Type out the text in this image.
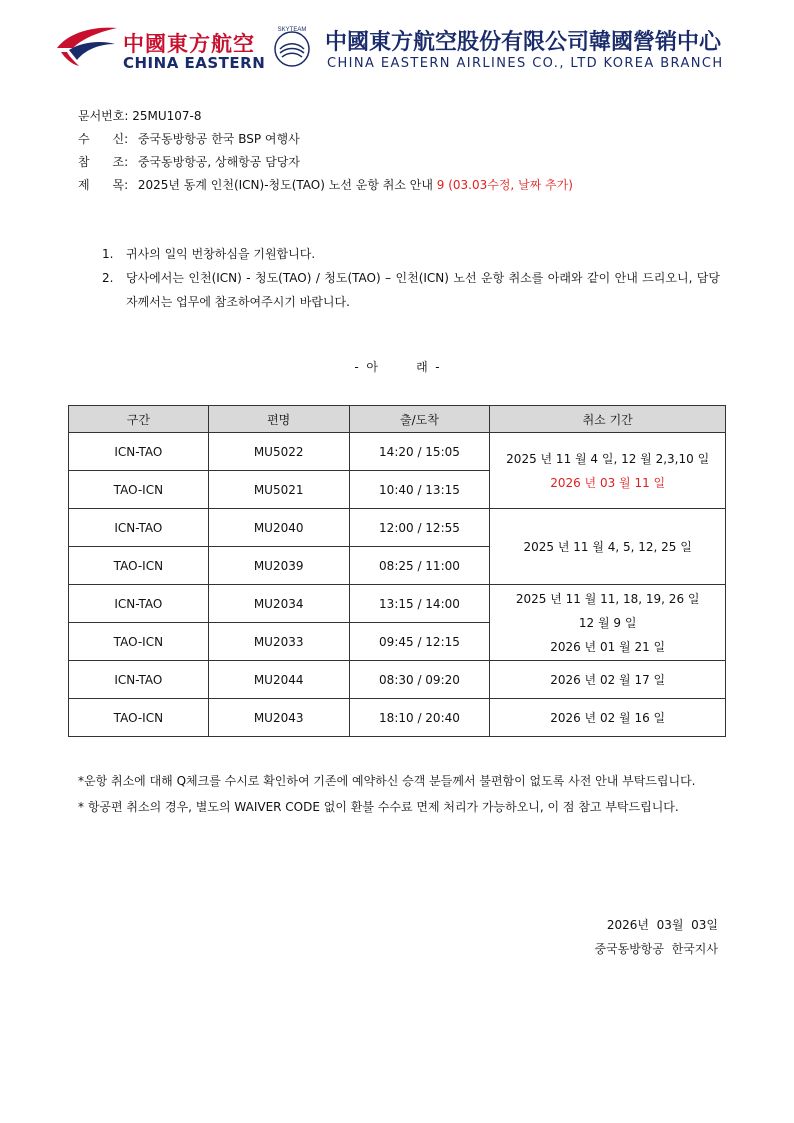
中國東方航空
CHINA EASTERN
SKYTEAM 中國東方航空股份有限公司韓國營销中心
CHINA EASTERN AIRLINES CO., LTD KOREA BRANCH
문서번호: 25MU107-8
수      신: 중국동방항공 한국 BSP 여행사
참      조: 중국동방항공, 상해항공 담당자
제      목: 2025년 동계 인천(ICN)-청도(TAO) 노선 운항 취소 안내 9 (03.03수정, 날짜 추가)
1. 귀사의 일익 번창하심을 기원합니다.
2. 당사에서는 인천(ICN) - 청도(TAO) / 청도(TAO) – 인천(ICN) 노선 운항 취소를 아래와 같이 안내 드리오니, 담당자께서는 업무에 참조하여주시기 바랍니다.
-  아          래  -
구간	편명	출/도착	취소 기간
ICN-TAO	MU5022	14:20 / 15:05	2025 년 11 월 4 일, 12 월 2,3,10 일
2026 년 03 월 11 일

TAO-ICN	MU5021	10:40 / 13:15	
ICN-TAO	MU2040	12:00 / 12:55	2025 년 11 월 4, 5, 12, 25 일

TAO-ICN	MU2039	08:25 / 11:00	
ICN-TAO	MU2034	13:15 / 14:00	2025 년 11 월 11, 18, 19, 26 일
12 월 9 일
2026 년 01 월 21 일

TAO-ICN	MU2033	09:45 / 12:15	
ICN-TAO	MU2044	08:30 / 09:20	2026 년 02 월 17 일
TAO-ICN	MU2043	18:10 / 20:40	2026 년 02 월 16 일

*운항 취소에 대해 Q체크를 수시로 확인하여 기존에 예약하신 승객 분들께서 불편함이 없도록 사전 안내 부탁드립니다.

* 항공편 취소의 경우, 별도의 WAIVER CODE 없이 환불 수수료 면제 처리가 가능하오니, 이 점 참고 부탁드립니다.

2026년  03월  03일
중국동방항공  한국지사
